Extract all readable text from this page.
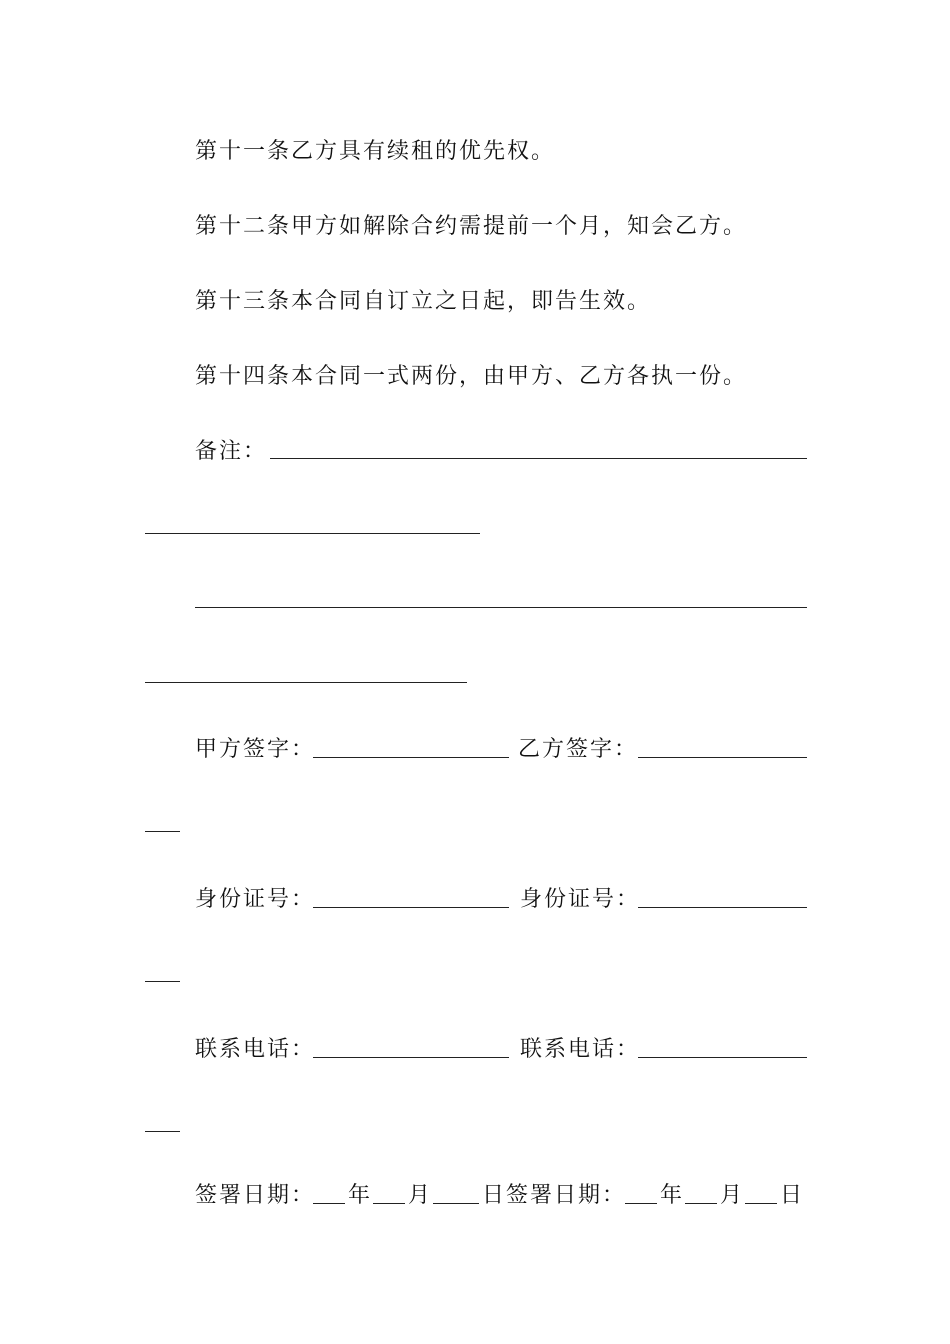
第十一条乙方具有续租的优先权。
第十二条甲方如解除合约需提前一个月，知会乙方。
第十三条本合同自订立之日起，即告生效。
第十四条本合同一式两份，由甲方、乙方各执一份。
备注：
甲方签字：	乙方签字：
身份证号：	身份证号：
联系电话：	联系电话：
签署日期： 年 月 日签署日期： 年 月 日
